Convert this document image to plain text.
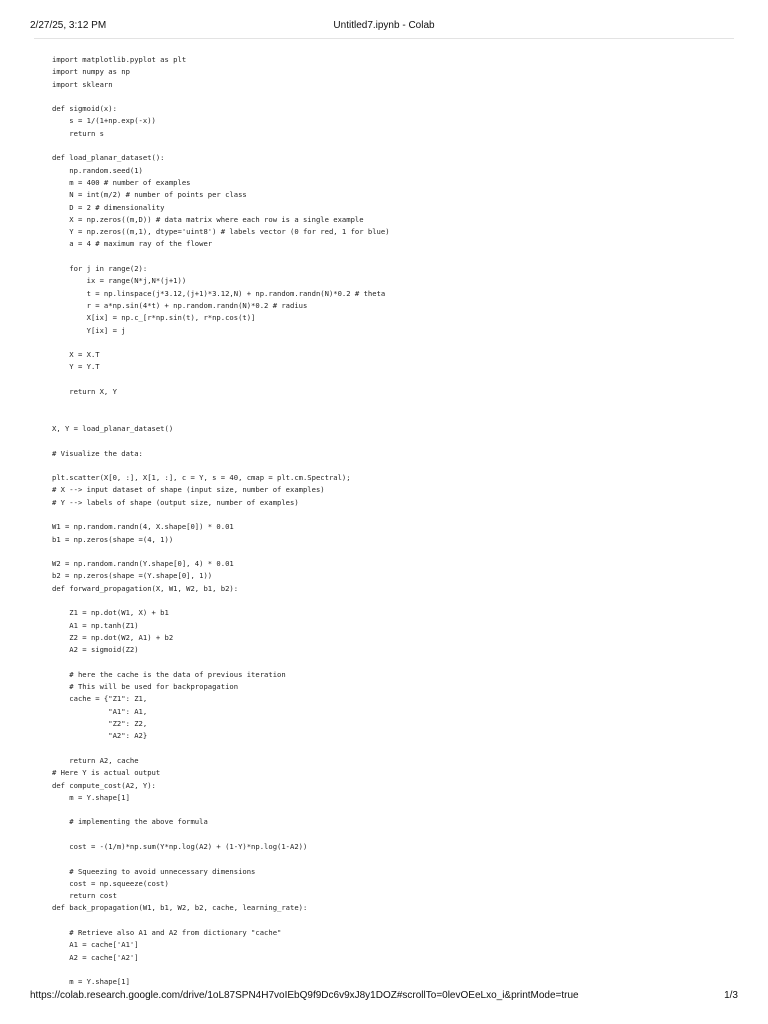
2/27/25, 3:12 PM	Untitled7.ipynb - Colab
import matplotlib.pyplot as plt
import numpy as np
import sklearn
def sigmoid(x):
s = 1/(1+np.exp(-x))
return s
def load_planar_dataset():
np.random.seed(1)
m = 400 # number of examples
N = int(m/2) # number of points per class
D = 2 # dimensionality
X = np.zeros((m,D)) # data matrix where each row is a single example
Y = np.zeros((m,1), dtype='uint8') # labels vector (0 for red, 1 for blue)
a = 4 # maximum ray of the flower
for j in range(2):
ix = range(N*j,N*(j+1))
t = np.linspace(j*3.12,(j+1)*3.12,N) + np.random.randn(N)*0.2 # theta
r = a*np.sin(4*t) + np.random.randn(N)*0.2 # radius
X[ix] = np.c_[r*np.sin(t), r*np.cos(t)]
Y[ix] = j
X = X.T
Y = Y.T
return X, Y
X, Y = load_planar_dataset()
# Visualize the data:
plt.scatter(X[0, :], X[1, :], c = Y, s = 40, cmap = plt.cm.Spectral);
# X --> input dataset of shape (input size, number of examples)
# Y --> labels of shape (output size, number of examples)
W1 = np.random.randn(4, X.shape[0]) * 0.01
b1 = np.zeros(shape =(4, 1))
W2 = np.random.randn(Y.shape[0], 4) * 0.01
b2 = np.zeros(shape =(Y.shape[0], 1))
def forward_propagation(X, W1, W2, b1, b2):
Z1 = np.dot(W1, X) + b1
A1 = np.tanh(Z1)
Z2 = np.dot(W2, A1) + b2
A2 = sigmoid(Z2)
# here the cache is the data of previous iteration
# This will be used for backpropagation
cache = {"Z1": Z1,
"A1": A1,
"Z2": Z2,
"A2": A2}
return A2, cache
# Here Y is actual output
def compute_cost(A2, Y):
m = Y.shape[1]
# implementing the above formula
cost = -(1/m)*np.sum(Y*np.log(A2) + (1-Y)*np.log(1-A2))
# Squeezing to avoid unnecessary dimensions
cost = np.squeeze(cost)
return cost
def back_propagation(W1, b1, W2, b2, cache, learning_rate):
# Retrieve also A1 and A2 from dictionary "cache"
A1 = cache['A1']
A2 = cache['A2']
m = Y.shape[1]
https://colab.research.google.com/drive/1oL87SPN4H7voIEbQ9f9Dc6v9xJ8y1DOZ#scrollTo=0levOEeLxo_i&printMode=true	1/3
